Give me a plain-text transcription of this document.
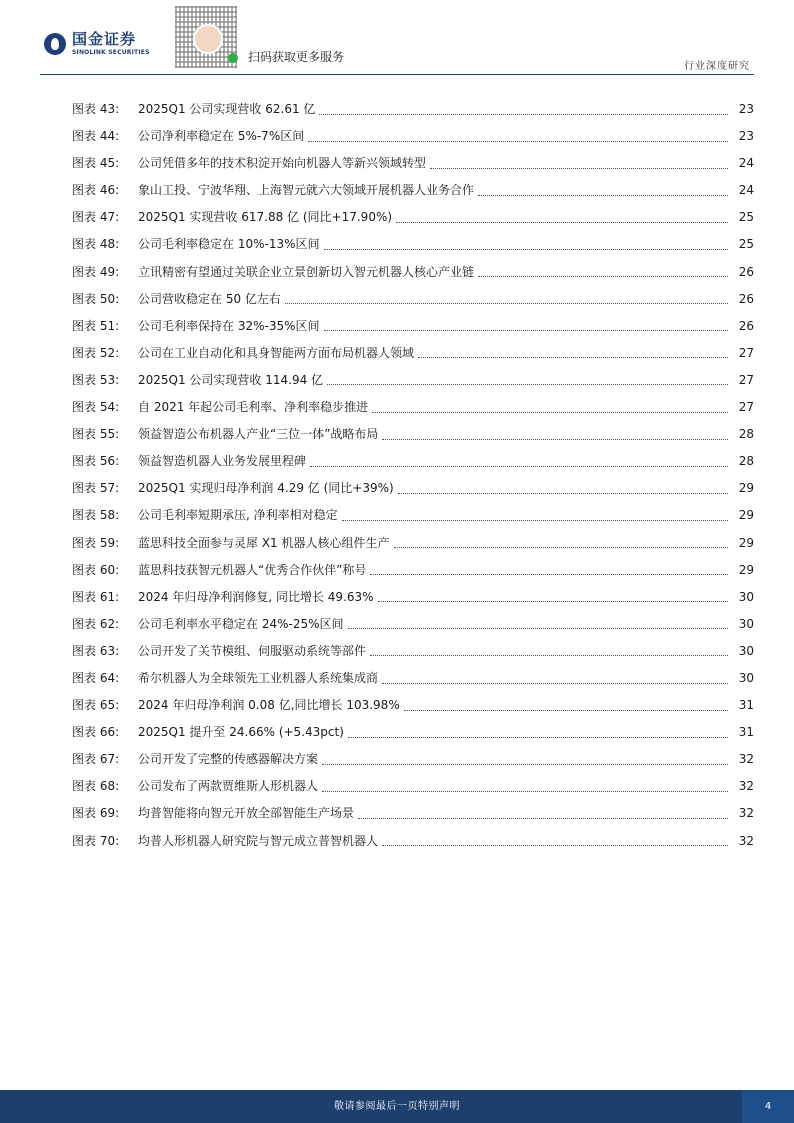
国金证券
SINOLINK SECURITIES	扫码获取更多服务
行业深度研究
图表 43:	2025Q1 公司实现营收 62.61 亿	23
图表 44:	公司净利率稳定在 5%-7%区间	23
图表 45:	公司凭借多年的技术积淀开始向机器人等新兴领域转型	24
图表 46:	象山工投、宁波华翔、上海智元就六大领域开展机器人业务合作	24
图表 47:	2025Q1 实现营收 617.88 亿 (同比+17.90%)	25
图表 48:	公司毛利率稳定在 10%-13%区间	25
图表 49:	立讯精密有望通过关联企业立景创新切入智元机器人核心产业链	26
图表 50:	公司营收稳定在 50 亿左右	26
图表 51:	公司毛利率保持在 32%-35%区间	26
图表 52:	公司在工业自动化和具身智能两方面布局机器人领域	27
图表 53:	2025Q1 公司实现营收 114.94 亿	27
图表 54:	自 2021 年起公司毛利率、净利率稳步推进	27
图表 55:	领益智造公布机器人产业“三位一体”战略布局	28
图表 56:	领益智造机器人业务发展里程碑	28
图表 57:	2025Q1 实现归母净利润 4.29 亿 (同比+39%)	29
图表 58:	公司毛利率短期承压, 净利率相对稳定	29
图表 59:	蓝思科技全面参与灵犀 X1 机器人核心组件生产	29
图表 60:	蓝思科技获智元机器人“优秀合作伙伴”称号	29
图表 61:	2024 年归母净利润修复, 同比增长 49.63%	30
图表 62:	公司毛利率水平稳定在 24%-25%区间	30
图表 63:	公司开发了关节模组、伺服驱动系统等部件	30
图表 64:	希尔机器人为全球领先工业机器人系统集成商	30
图表 65:	2024 年归母净利润 0.08 亿,同比增长 103.98%	31
图表 66:	2025Q1 提升至 24.66% (+5.43pct)	31
图表 67:	公司开发了完整的传感器解决方案	32
图表 68:	公司发布了两款贾维斯人形机器人	32
图表 69:	均普智能将向智元开放全部智能生产场景	32
图表 70:	均普人形机器人研究院与智元成立普智机器人	32
敬请参阅最后一页特别声明	4
